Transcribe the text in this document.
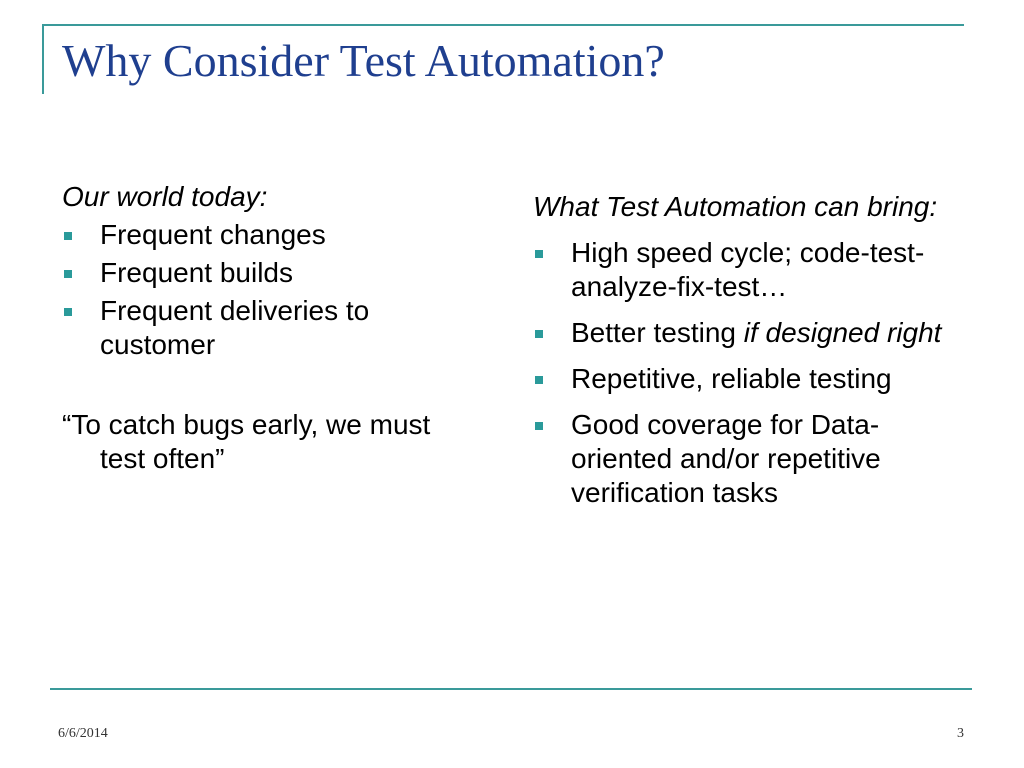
Why Consider Test Automation?

Our world today:

Frequent changes
Frequent builds
Frequent deliveries to customer
“To catch bugs early, we must test often”

What Test Automation can bring:

High speed cycle; code-test-analyze-fix-test…
Better testing if designed right
Repetitive, reliable testing
Good coverage for Data-oriented and/or repetitive verification tasks
6/6/2014	3
